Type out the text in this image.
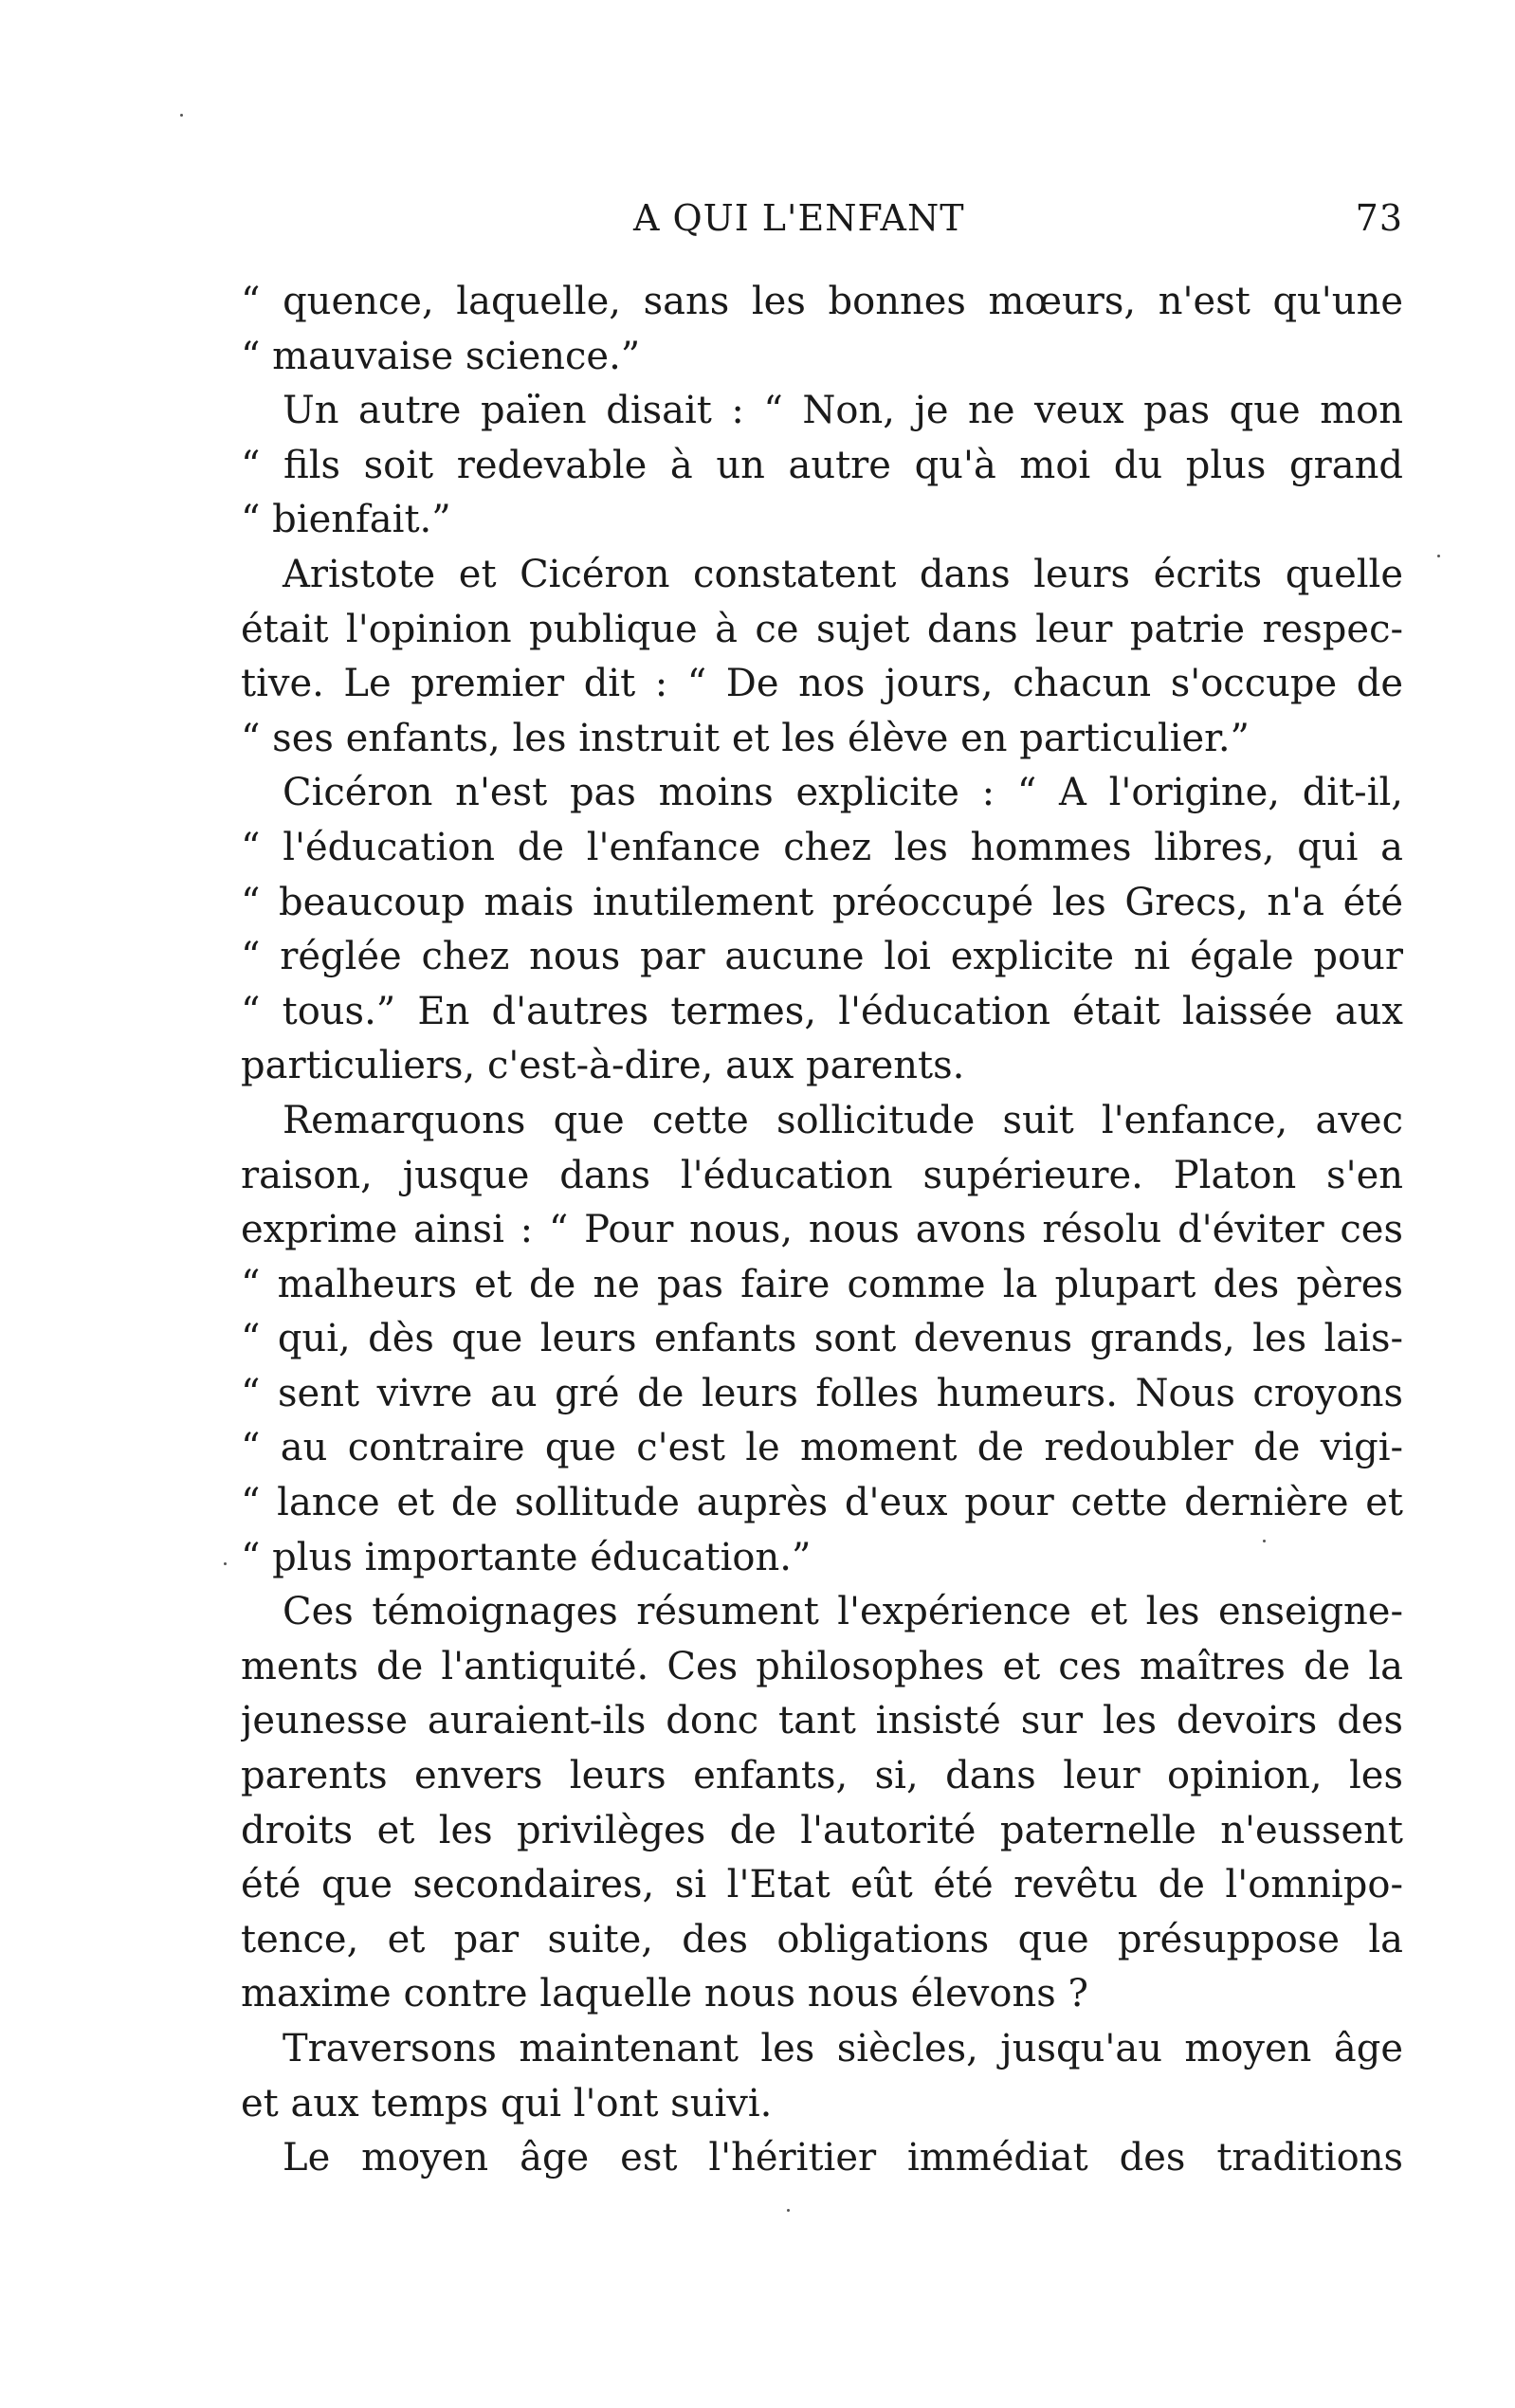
A QUI L'ENFANT	73
“ quence, laquelle, sans les bonnes mœurs, n'est qu'une
“ mauvaise science.”
Un autre païen disait : “ Non, je ne veux pas que mon
“ fils soit redevable à un autre qu'à moi du plus grand
“ bienfait.”
Aristote et Cicéron constatent dans leurs écrits quelle
était l'opinion publique à ce sujet dans leur patrie respec-
tive. Le premier dit : “ De nos jours, chacun s'occupe de
“ ses enfants, les instruit et les élève en particulier.”
Cicéron n'est pas moins explicite : “ A l'origine, dit-il,
“ l'éducation de l'enfance chez les hommes libres, qui a
“ beaucoup mais inutilement préoccupé les Grecs, n'a été
“ réglée chez nous par aucune loi explicite ni égale pour
“ tous.” En d'autres termes, l'éducation était laissée aux
particuliers, c'est-à-dire, aux parents.
Remarquons que cette sollicitude suit l'enfance, avec
raison, jusque dans l'éducation supérieure. Platon s'en
exprime ainsi : “ Pour nous, nous avons résolu d'éviter ces
“ malheurs et de ne pas faire comme la plupart des pères
“ qui, dès que leurs enfants sont devenus grands, les lais-
“ sent vivre au gré de leurs folles humeurs. Nous croyons
“ au contraire que c'est le moment de redoubler de vigi-
“ lance et de sollitude auprès d'eux pour cette dernière et
“ plus importante éducation.”
Ces témoignages résument l'expérience et les enseigne-
ments de l'antiquité. Ces philosophes et ces maîtres de la
jeunesse auraient-ils donc tant insisté sur les devoirs des
parents envers leurs enfants, si, dans leur opinion, les
droits et les privilèges de l'autorité paternelle n'eussent
été que secondaires, si l'Etat eût été revêtu de l'omnipo-
tence, et par suite, des obligations que présuppose la
maxime contre laquelle nous nous élevons ?
Traversons maintenant les siècles, jusqu'au moyen âge
et aux temps qui l'ont suivi.
Le moyen âge est l'héritier immédiat des traditions
